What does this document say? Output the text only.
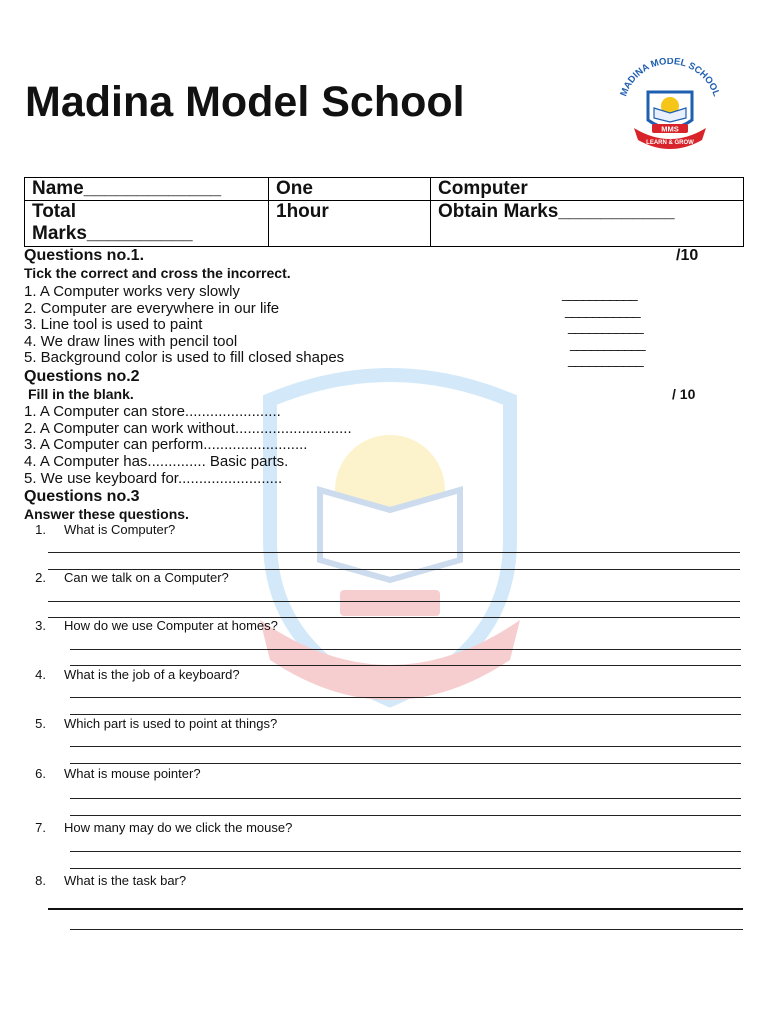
Madina Model School	MADINA MODEL SCHOOL
MMS
LEARN & GROW
Name_____________	One	Computer

Total
Marks__________	1hour	Obtain Marks___________
Questions no.1.	/10
Tick the correct and cross the incorrect.
1. A Computer works very slowly
2. Computer are everywhere in our life
3. Line tool is used to paint
4. We draw lines with pencil tool
5. Background color is used to fill closed shapes
___________
___________
___________
___________
___________
Questions no.2
Fill in the blank.	/ 10
1. A Computer can store.......................
2. A Computer can work without............................
3. A Computer can perform.........................
4. A Computer has.............. Basic parts.
5. We use keyboard for.........................
Questions no.3
Answer these questions.
1. What is Computer?
2. Can we talk on a Computer?
3. How do we use Computer at homes?
4. What is the job of a keyboard?
5. Which part is used to point at things?
6. What is mouse pointer?
7. How many may do we click the mouse?
8. What is the task bar?
